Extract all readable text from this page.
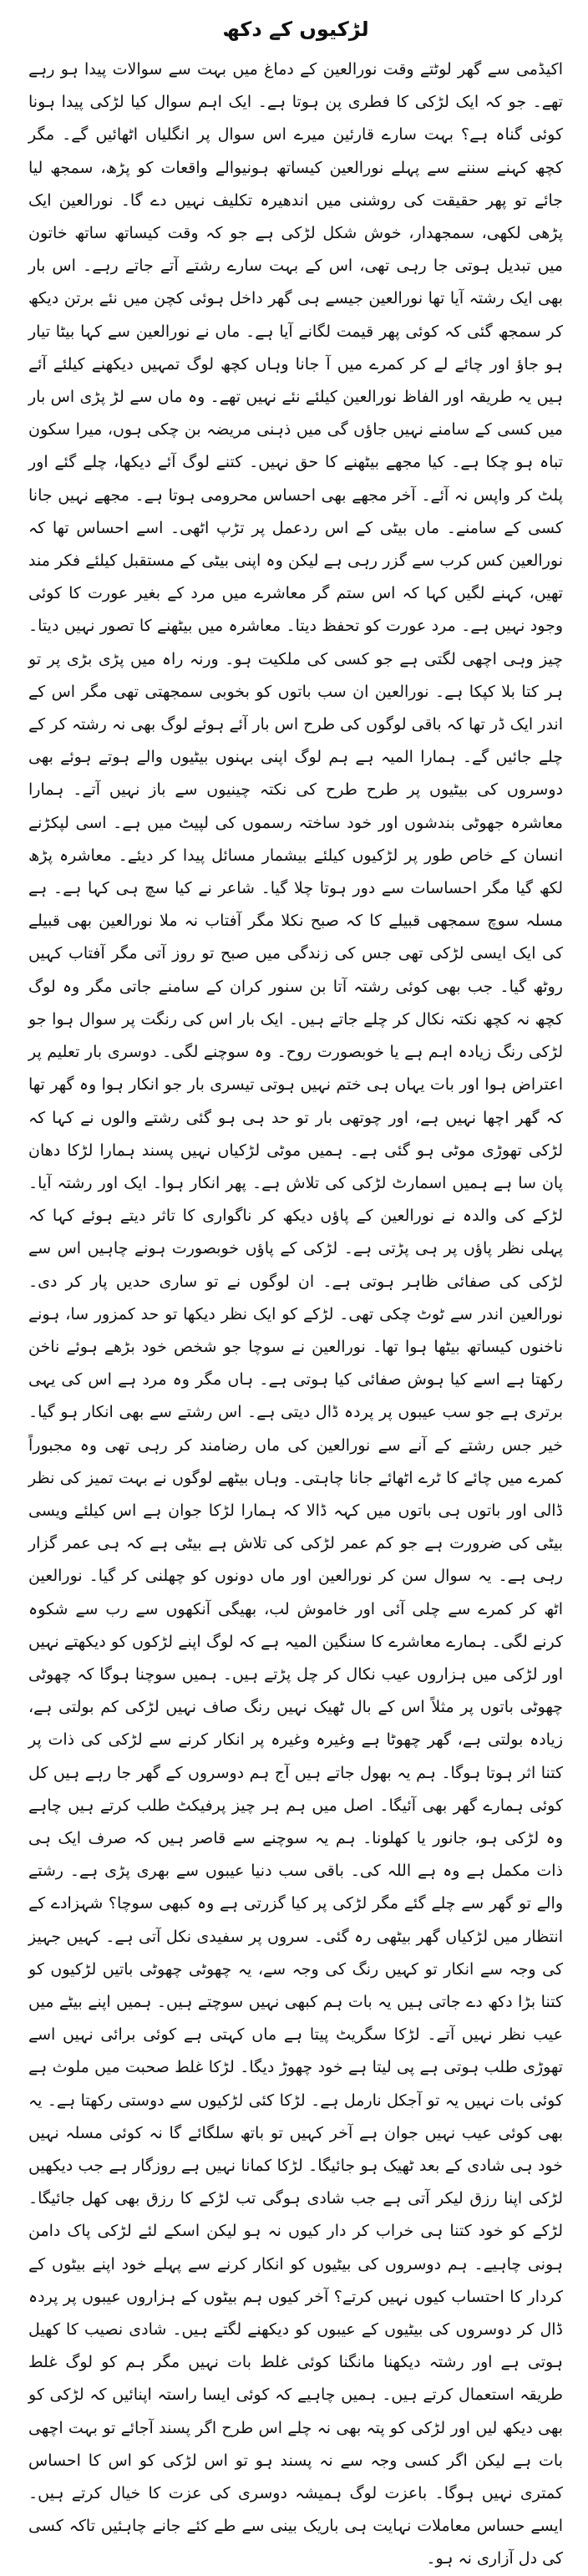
لڑکیوں کے دکھ

اکیڈمی سے گھر لوٹتے وقت نورالعین کے دماغ میں بہت سے سوالات پیدا ہو رہے تھے۔ جو کہ ایک لڑکی کا فطری پن ہوتا ہے۔ ایک اہم سوال کیا لڑکی پیدا ہونا کوئی گناہ ہے؟ بہت سارے قارئین میرے اس سوال پر انگلیاں اٹھائیں گے۔ مگر کچھ کہنے سننے سے پہلے نورالعین کیساتھ ہونیوالے واقعات کو پڑھ، سمجھ لیا جائے تو پھر حقیقت کی روشنی میں اندھیرہ تکلیف نہیں دے گا۔ نورالعین ایک پڑھی لکھی، سمجھدار، خوش شکل لڑکی ہے جو کہ وقت کیساتھ ساتھ خاتون میں تبدیل ہوتی جا رہی تھی، اس کے بہت سارے رشتے آتے جاتے رہے۔ اس بار بھی ایک رشتہ آیا تھا نورالعین جیسے ہی گھر داخل ہوئی کچن میں نئے برتن دیکھ کر سمجھ گئی کہ کوئی پھر قیمت لگانے آیا ہے۔ ماں نے نورالعین سے کہا بیٹا تیار ہو جاؤ اور چائے لے کر کمرے میں آ جانا وہاں کچھ لوگ تمہیں دیکھنے کیلئے آئے ہیں یہ طریقہ اور الفاظ نورالعین کیلئے نئے نہیں تھے۔ وہ ماں سے لڑ پڑی اس بار میں کسی کے سامنے نہیں جاؤں گی میں ذہنی مریضہ بن چکی ہوں، میرا سکون تباہ ہو چکا ہے۔ کیا مجھے بیٹھنے کا حق نہیں۔ کتنے لوگ آئے دیکھا، چلے گئے اور پلٹ کر واپس نہ آئے۔ آخر مجھے بھی احساس محرومی ہوتا ہے۔ مجھے نہیں جانا کسی کے سامنے۔ ماں بیٹی کے اس ردعمل پر تڑپ اٹھی۔ اسے احساس تھا کہ نورالعین کس کرب سے گزر رہی ہے لیکن وہ اپنی بیٹی کے مستقبل کیلئے فکر مند تھیں، کہنے لگیں کہا کہ اس ستم گر معاشرے میں مرد کے بغیر عورت کا کوئی وجود نہیں ہے۔ مرد عورت کو تحفظ دیتا۔ معاشرہ میں بیٹھنے کا تصور نہیں دیتا۔ چیز وہی اچھی لگتی ہے جو کسی کی ملکیت ہو۔ ورنہ راہ میں پڑی بڑی پر تو ہر کتا بلا کپکا ہے۔ نورالعین ان سب باتوں کو بخوبی سمجھتی تھی مگر اس کے اندر ایک ڈر تھا کہ باقی لوگوں کی طرح اس بار آئے ہوئے لوگ بھی نہ رشتہ کر کے چلے جائیں گے۔ ہمارا المیہ ہے ہم لوگ اپنی بہنوں بیٹیوں والے ہوتے ہوئے بھی دوسروں کی بیٹیوں پر طرح طرح کی نکتہ چینیوں سے باز نہیں آتے۔ ہمارا معاشرہ جھوٹی بندشوں اور خود ساختہ رسموں کی لپیٹ میں ہے۔ اسی لپکڑنے انسان کے خاص طور پر لڑکیوں کیلئے بیشمار مسائل پیدا کر دیئے۔ معاشرہ پڑھ لکھ گیا مگر احساسات سے دور ہوتا چلا گیا۔ شاعر نے کیا سچ ہی کہا ہے۔ ہے مسلہ سوچ سمجھی قبیلے کا کہ صبح نکلا مگر آفتاب نہ ملا نورالعین بھی قبیلے کی ایک ایسی لڑکی تھی جس کی زندگی میں صبح تو روز آتی مگر آفتاب کہیں روٹھ گیا۔ جب بھی کوئی رشتہ آتا بن سنور کران کے سامنے جاتی مگر وہ لوگ کچھ نہ کچھ نکتہ نکال کر چلے جاتے ہیں۔ ایک بار اس کی رنگت پر سوال ہوا جو لڑکی رنگ زیادہ اہم ہے یا خوبصورت روح۔ وہ سوچنے لگی۔ دوسری بار تعلیم پر اعتراض ہوا اور بات یہاں ہی ختم نہیں ہوتی تیسری بار جو انکار ہوا وہ گھر تھا کہ گھر اچھا نہیں ہے، اور چوتھی بار تو حد ہی ہو گئی رشتے والوں نے کہا کہ لڑکی تھوڑی موٹی ہو گئی ہے۔ ہمیں موٹی لڑکیاں نہیں پسند ہمارا لڑکا دھان پان سا ہے ہمیں اسمارٹ لڑکی کی تلاش ہے۔ پھر انکار ہوا۔ ایک اور رشتہ آیا۔ لڑکے کی والدہ نے نورالعین کے پاؤں دیکھ کر ناگواری کا تاثر دیتے ہوئے کہا کہ پہلی نظر پاؤں پر ہی پڑتی ہے۔ لڑکی کے پاؤں خوبصورت ہونے چاہیں اس سے لڑکی کی صفائی ظاہر ہوتی ہے۔ ان لوگوں نے تو ساری حدیں پار کر دی۔ نورالعین اندر سے ٹوٹ چکی تھی۔ لڑکے کو ایک نظر دیکھا تو حد کمزور سا، ہونے ناخنوں کیساتھ بیٹھا ہوا تھا۔ نورالعین نے سوچا جو شخص خود بڑھے ہوئے ناخن رکھتا ہے اسے کیا ہوش صفائی کیا ہوتی ہے۔ ہاں مگر وہ مرد ہے اس کی یہی برتری ہے جو سب عیبوں پر پردہ ڈال دیتی ہے۔ اس رشتے سے بھی انکار ہو گیا۔ خیر جس رشتے کے آنے سے نورالعین کی ماں رضامند کر رہی تھی وہ مجبوراً کمرے میں چائے کا ٹرے اٹھائے جانا چاہتی۔ وہاں بیٹھے لوگوں نے بہت تمیز کی نظر ڈالی اور باتوں ہی باتوں میں کہہ ڈالا کہ ہمارا لڑکا جوان ہے اس کیلئے ویسی بیٹی کی ضرورت ہے جو کم عمر لڑکی کی تلاش ہے بیٹی ہے کہ ہی عمر گزار رہی ہے۔ یہ سوال سن کر نورالعین اور ماں دونوں کو چھلنی کر گیا۔ نورالعین اٹھ کر کمرے سے چلی آئی اور خاموش لب، بھیگی آنکھوں سے رب سے شکوہ کرنے لگی۔ ہمارے معاشرے کا سنگین المیہ ہے کہ لوگ اپنے لڑکوں کو دیکھتے نہیں اور لڑکی میں ہزاروں عیب نکال کر چل پڑتے ہیں۔ ہمیں سوچنا ہوگا کہ چھوٹی چھوٹی باتوں پر مثلاً اس کے بال ٹھیک نہیں رنگ صاف نہیں لڑکی کم بولتی ہے، زیادہ بولتی ہے، گھر چھوٹا ہے وغیرہ وغیرہ پر انکار کرنے سے لڑکی کی ذات پر کتنا اثر ہوتا ہوگا۔ ہم یہ بھول جاتے ہیں آج ہم دوسروں کے گھر جا رہے ہیں کل کوئی ہمارے گھر بھی آئیگا۔ اصل میں ہم ہر چیز پرفیکٹ طلب کرتے ہیں چاہے وہ لڑکی ہو، جانور یا کھلونا۔ ہم یہ سوچنے سے قاصر ہیں کہ صرف ایک ہی ذات مکمل ہے وہ ہے اللہ کی۔ باقی سب دنیا عیبوں سے بھری پڑی ہے۔ رشتے والے تو گھر سے چلے گئے مگر لڑکی پر کیا گزرتی ہے وہ کبھی سوچا؟ شہزادے کے انتظار میں لڑکیاں گھر بیٹھی رہ گئی۔ سروں پر سفیدی نکل آتی ہے۔ کہیں جہیز کی وجہ سے انکار تو کہیں رنگ کی وجہ سے، یہ چھوٹی چھوٹی باتیں لڑکیوں کو کتنا بڑا دکھ دے جاتی ہیں یہ بات ہم کبھی نہیں سوچتے ہیں۔ ہمیں اپنے بیٹے میں عیب نظر نہیں آتے۔ لڑکا سگریٹ پیتا ہے ماں کہتی ہے کوئی برائی نہیں اسے تھوڑی طلب ہوتی ہے پی لیتا ہے خود چھوڑ دیگا۔ لڑکا غلط صحبت میں ملوث ہے کوئی بات نہیں یہ تو آجکل نارمل ہے۔ لڑکا کئی لڑکیوں سے دوستی رکھتا ہے۔ یہ بھی کوئی عیب نہیں جوان ہے آخر کہیں تو باتھ سلگائے گا نہ کوئی مسلہ نہیں خود ہی شادی کے بعد ٹھیک ہو جائیگا۔ لڑکا کمانا نہیں ہے روزگار ہے جب دیکھیں لڑکی اپنا رزق لیکر آتی ہے جب شادی ہوگی تب لڑکے کا رزق بھی کھل جائیگا۔ لڑکے کو خود کتنا ہی خراب کر دار کیوں نہ ہو لیکن اسکے لئے لڑکی پاک دامن ہونی چاہیے۔ ہم دوسروں کی بیٹیوں کو انکار کرنے سے پہلے خود اپنے بیٹوں کے کردار کا احتساب کیوں نہیں کرتے؟ آخر کیوں ہم بیٹوں کے ہزاروں عیبوں پر پردہ ڈال کر دوسروں کی بیٹیوں کے عیبوں کو دیکھنے لگتے ہیں۔ شادی نصیب کا کھیل ہوتی ہے اور رشتہ دیکھنا مانگنا کوئی غلط بات نہیں مگر ہم کو لوگ غلط طریقہ استعمال کرتے ہیں۔ ہمیں چاہیے کہ کوئی ایسا راستہ اپنائیں کہ لڑکی کو بھی دیکھ لیں اور لڑکی کو پتہ بھی نہ چلے اس طرح اگر پسند آجائے تو بہت اچھی بات ہے لیکن اگر کسی وجہ سے نہ پسند ہو تو اس لڑکی کو اس کا احساس کمتری نہیں ہوگا۔ باعزت لوگ ہمیشہ دوسری کی عزت کا خیال کرتے ہیں۔ ایسے حساس معاملات نہایت ہی باریک بینی سے طے کئے جانے چاہئیں تاکہ کسی کی دل آزاری نہ ہو۔
